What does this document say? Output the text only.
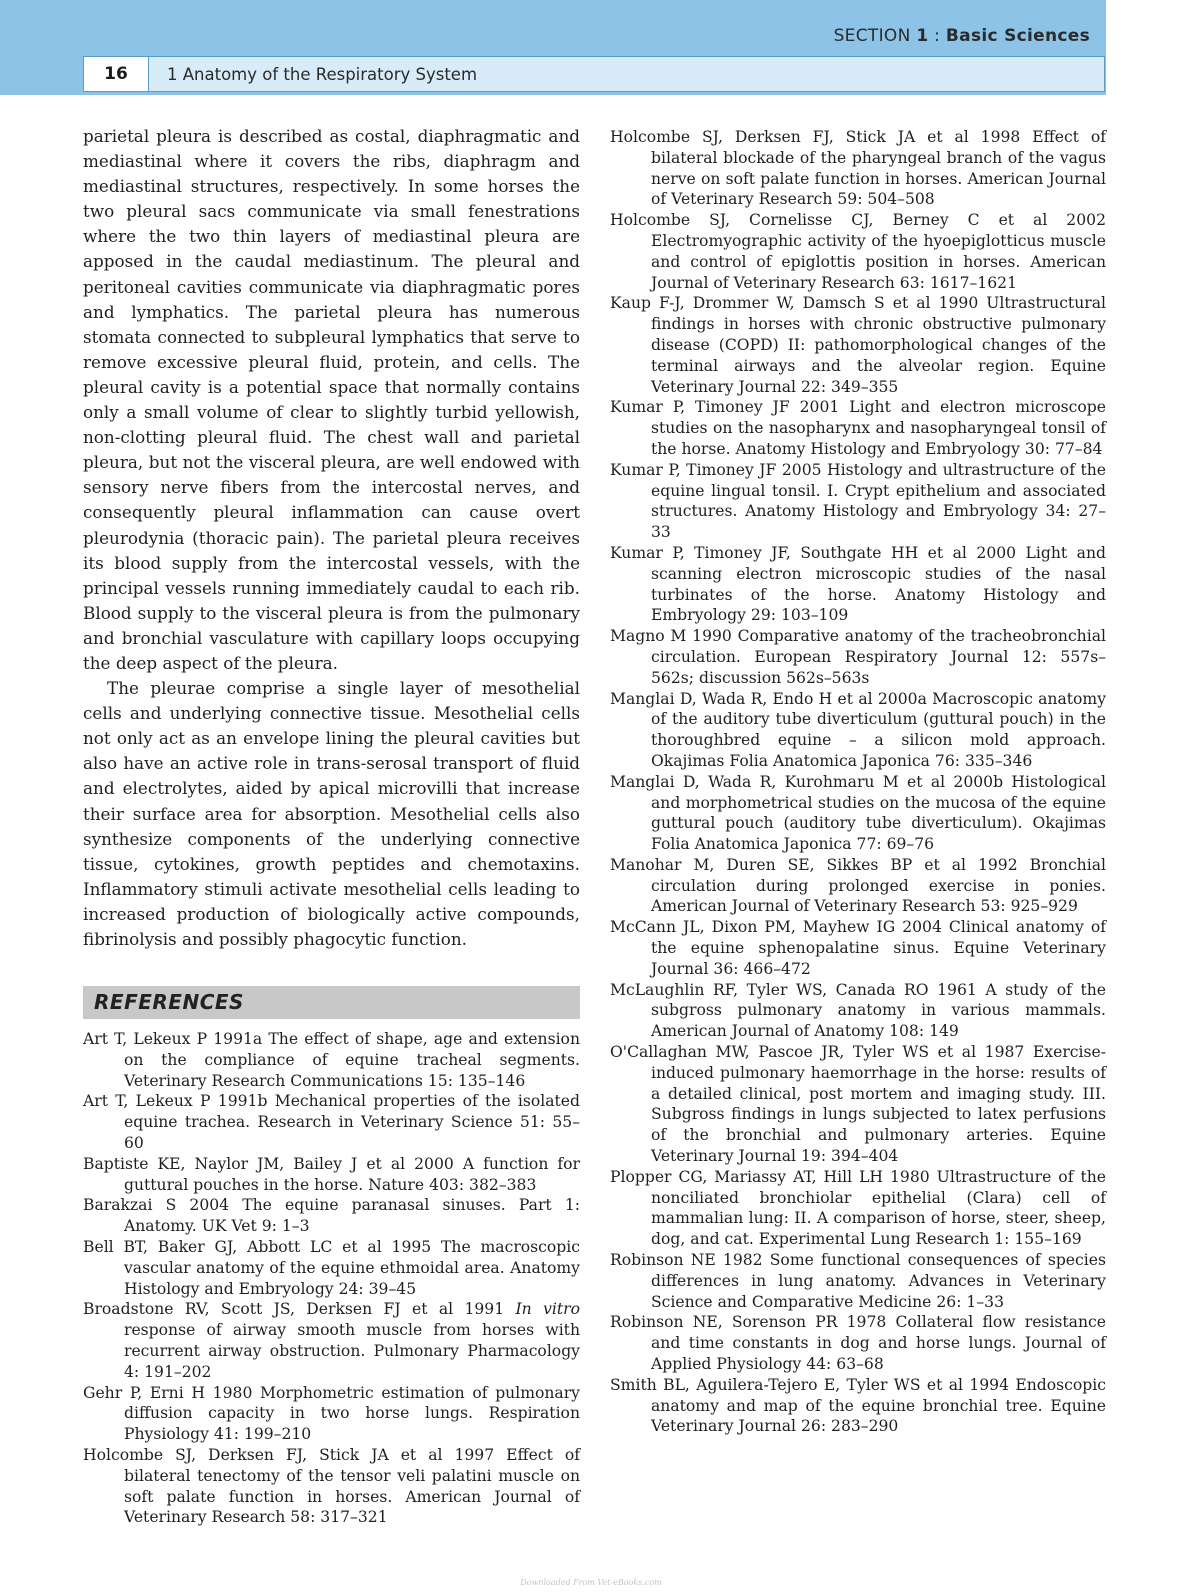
SECTION 1 : Basic Sciences
16	1 Anatomy of the Respiratory System

parietal pleura is described as costal, diaphragmatic and mediastinal where it covers the ribs, diaphragm and mediastinal structures, respectively. In some horses the two pleural sacs communicate via small fenestrations where the two thin layers of mediastinal pleura are apposed in the caudal mediastinum. The pleural and peritoneal cavities communicate via diaphragmatic pores and lymphatics. The parietal pleura has numerous stomata connected to subpleural lymphatics that serve to remove excessive pleural fluid, protein, and cells. The pleural cavity is a potential space that normally contains only a small volume of clear to slightly turbid yellowish, non-clotting pleural fluid. The chest wall and parietal pleura, but not the visceral pleura, are well endowed with sensory nerve fibers from the intercostal nerves, and consequently pleural inflammation can cause overt pleurodynia (thoracic pain). The parietal pleura receives its blood supply from the intercostal vessels, with the principal vessels running immediately caudal to each rib. Blood supply to the visceral pleura is from the pulmonary and bronchial vasculature with capillary loops occupying the deep aspect of the pleura.

The pleurae comprise a single layer of mesothelial cells and underlying connective tissue. Mesothelial cells not only act as an envelope lining the pleural cavities but also have an active role in trans-serosal transport of fluid and electrolytes, aided by apical microvilli that increase their surface area for absorption. Mesothelial cells also synthesize components of the underlying connective tissue, cytokines, growth peptides and chemotaxins. Inflammatory stimuli activate mesothelial cells leading to increased production of biologically active compounds, fibrinolysis and possibly phagocytic function.

REFERENCES
Art T, Lekeux P 1991a The effect of shape, age and extension on the compliance of equine tracheal segments. Veterinary Research Communications 15: 135–146
Art T, Lekeux P 1991b Mechanical properties of the isolated equine trachea. Research in Veterinary Science 51: 55–60
Baptiste KE, Naylor JM, Bailey J et al 2000 A function for guttural pouches in the horse. Nature 403: 382–383
Barakzai S 2004 The equine paranasal sinuses. Part 1: Anatomy. UK Vet 9: 1–3
Bell BT, Baker GJ, Abbott LC et al 1995 The macroscopic vascular anatomy of the equine ethmoidal area. Anatomy Histology and Embryology 24: 39–45
Broadstone RV, Scott JS, Derksen FJ et al 1991 In vitro response of airway smooth muscle from horses with recurrent airway obstruction. Pulmonary Pharmacology 4: 191–202
Gehr P, Erni H 1980 Morphometric estimation of pulmonary diffusion capacity in two horse lungs. Respiration Physiology 41: 199–210
Holcombe SJ, Derksen FJ, Stick JA et al 1997 Effect of bilateral tenectomy of the tensor veli palatini muscle on soft palate function in horses. American Journal of Veterinary Research 58: 317–321
Holcombe SJ, Derksen FJ, Stick JA et al 1998 Effect of bilateral blockade of the pharyngeal branch of the vagus nerve on soft palate function in horses. American Journal of Veterinary Research 59: 504–508
Holcombe SJ, Cornelisse CJ, Berney C et al 2002 Electromyographic activity of the hyoepiglotticus muscle and control of epiglottis position in horses. American Journal of Veterinary Research 63: 1617–1621
Kaup F-J, Drommer W, Damsch S et al 1990 Ultrastructural findings in horses with chronic obstructive pulmonary disease (COPD) II: pathomorphological changes of the terminal airways and the alveolar region. Equine Veterinary Journal 22: 349–355
Kumar P, Timoney JF 2001 Light and electron microscope studies on the nasopharynx and nasopharyngeal tonsil of the horse. Anatomy Histology and Embryology 30: 77–84
Kumar P, Timoney JF 2005 Histology and ultrastructure of the equine lingual tonsil. I. Crypt epithelium and associated structures. Anatomy Histology and Embryology 34: 27–33
Kumar P, Timoney JF, Southgate HH et al 2000 Light and scanning electron microscopic studies of the nasal turbinates of the horse. Anatomy Histology and Embryology 29: 103–109
Magno M 1990 Comparative anatomy of the tracheobronchial circulation. European Respiratory Journal 12: 557s–562s; discussion 562s–563s
Manglai D, Wada R, Endo H et al 2000a Macroscopic anatomy of the auditory tube diverticulum (guttural pouch) in the thoroughbred equine – a silicon mold approach. Okajimas Folia Anatomica Japonica 76: 335–346
Manglai D, Wada R, Kurohmaru M et al 2000b Histological and morphometrical studies on the mucosa of the equine guttural pouch (auditory tube diverticulum). Okajimas Folia Anatomica Japonica 77: 69–76
Manohar M, Duren SE, Sikkes BP et al 1992 Bronchial circulation during prolonged exercise in ponies. American Journal of Veterinary Research 53: 925–929
McCann JL, Dixon PM, Mayhew IG 2004 Clinical anatomy of the equine sphenopalatine sinus. Equine Veterinary Journal 36: 466–472
McLaughlin RF, Tyler WS, Canada RO 1961 A study of the subgross pulmonary anatomy in various mammals. American Journal of Anatomy 108: 149
O'Callaghan MW, Pascoe JR, Tyler WS et al 1987 Exercise-induced pulmonary haemorrhage in the horse: results of a detailed clinical, post mortem and imaging study. III. Subgross findings in lungs subjected to latex perfusions of the bronchial and pulmonary arteries. Equine Veterinary Journal 19: 394–404
Plopper CG, Mariassy AT, Hill LH 1980 Ultrastructure of the nonciliated bronchiolar epithelial (Clara) cell of mammalian lung: II. A comparison of horse, steer, sheep, dog, and cat. Experimental Lung Research 1: 155–169
Robinson NE 1982 Some functional consequences of species differences in lung anatomy. Advances in Veterinary Science and Comparative Medicine 26: 1–33
Robinson NE, Sorenson PR 1978 Collateral flow resistance and time constants in dog and horse lungs. Journal of Applied Physiology 44: 63–68
Smith BL, Aguilera-Tejero E, Tyler WS et al 1994 Endoscopic anatomy and map of the equine bronchial tree. Equine Veterinary Journal 26: 283–290
Downloaded From Vet-eBooks.com
